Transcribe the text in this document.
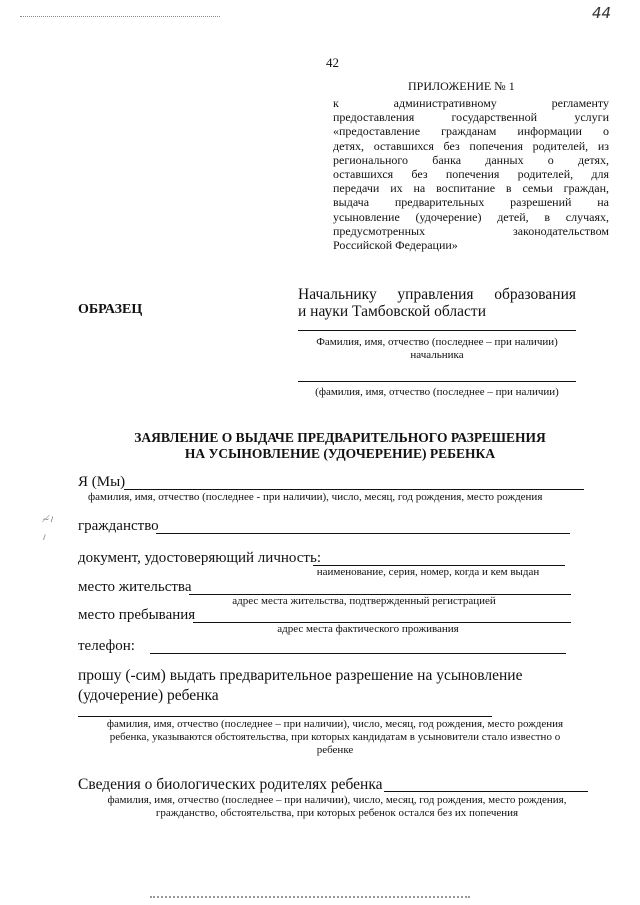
44
42
ПРИЛОЖЕНИЕ № 1
к административному регламенту
предоставления государственной услуги
«предоставление гражданам информации о
детях, оставшихся без попечения родителей, из
регионального банка данных о детях,
оставшихся без попечения родителей, для
передачи их на воспитание в семьи граждан,
выдача предварительных разрешений на
усыновление (удочерение) детей, в случаях,
предусмотренных законодательством
Российской Федерации»
ОБРАЗЕЦ
Начальнику управления образования
и науки Тамбовской области
Фамилия, имя, отчество (последнее – при наличии)
начальника
(фамилия, имя, отчество (последнее – при наличии)
ЗАЯВЛЕНИЕ О ВЫДАЧЕ ПРЕДВАРИТЕЛЬНОГО РАЗРЕШЕНИЯ
НА УСЫНОВЛЕНИЕ (УДОЧЕРЕНИЕ) РЕБЕНКА
Я (Мы)
фамилия, имя, отчество (последнее - при наличии), число, месяц, год рождения, место рождения
≁≀
≀
гражданство
документ, удостоверяющий личность:
наименование, серия, номер, когда и кем выдан
место жительства
адрес места жительства, подтвержденный регистрацией
место пребывания
адрес места фактического проживания
телефон:
прошу (-сим) выдать предварительное разрешение на усыновление
(удочерение) ребенка
фамилия, имя, отчество (последнее – при наличии), число, месяц, год рождения, место рождения
ребенка, указываются обстоятельства, при которых кандидатам в усыновители стало известно о
ребенке
Сведения о биологических родителях ребенка
фамилия, имя, отчество (последнее – при наличии), число, месяц, год рождения, место рождения,
гражданство, обстоятельства, при которых ребенок остался без их попечения
